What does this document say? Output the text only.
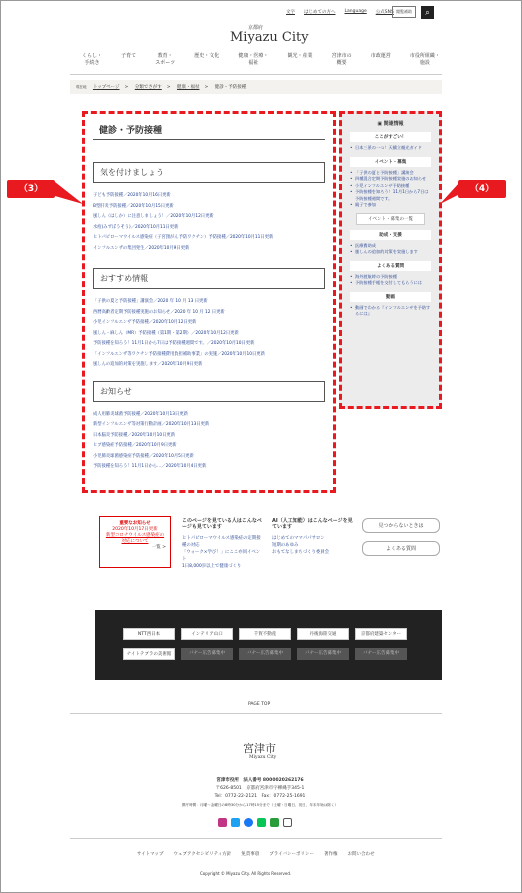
文字 はじめての方へ Language 公式SNS 閲覧補助	⌕
京都府
Miyazu City
くらし・
手続き
子育て	教育・
スポーツ
歴史・文化	健康・医療・
福祉
観光・産業	宮津市の
概要
市政運営	市役所組織・
施設
現在地 トップページ > 分類でさがす > 健康・福祉 > 健診・予防接種
健診・予防接種
気を付けましょう
子ども予防接種／2020年10月16日更新
B型肝炎予防接種／2020年10月15日更新
風しん（はしか）に注意しましょう！／2020年10月12日更新
水痘(みずぼうそう)／2020年10月11日更新
ヒトパピローマウイルス感染症（子宮頸がん予防ワクチン）予防接種／2020年10月11日更新
インフルエンザの集団発生／2020年10月9日更新
おすすめ情報
「子供の夏と予防接種」講演会／2020 年 10 月 13 日更新
西暦高齢者定期予防接種実施のお知らせ／2020 年 10 月 12 日更新
小児インフルエンザ予防接種／2020年10月12日更新
風しん・麻しん（MR）予防接種（第1期・第2期）／2020年10月12日更新
予防接種を知ろう！11月1日から7日は予防接種週間です。／2020年10月10日更新
「インフルエンザ等ワクチン予防接種費用負担補助事業」の実施／2020年10月10日更新
風しんの追加的対策を実施します／2020年10月9日更新
お知らせ
成人用肺炎球菌予防接種／2020年10月13日更新
新型インフルエンザ等対策行動計画／2020年10月13日更新
日本脳炎予防接種／2020年10月10日更新
ヒブ感染症予防接種／2020年10月9日更新
小児肺炎球菌感染症予防接種／2020年10月5日更新
予防接種を知ろう！11月1日から…／2020年10月4日更新
▣ 関連情報
ここがすごい！
• 日本三景の一つ！天橋立観光ガイド
イベント・募集
• 「子供の夏と予防接種」講演会
• 四種混合定期予防接種実施のお知らせ
• 小児インフルエンザ予防接種
• 予防接種を知ろう！11月1日から7日は予防接種週間です。
• 親子で参加
イベント・募集の一覧
助成・支援
• 医療費助成
• 風しんの追加的対策を実施します
よくある質問
• 海外渡航時の予防接種
• 予防接種手帳を交付してもらうには
動画
• 動画でわかる『インフルエンザを予防するには』
（3）	（4）
重要なお知らせ
2020年10月17日更新
新型コロナウイルス感染症の対応について
一覧 >
このページを見ている人はこんなページも見ています
ヒトパピローマウイルス感染症の定期接種の対応
「ウォーク×学び！」にここ亦同イベント
1日8,000歩以上で健康づくり
AI（人工知能）はこんなページを見ています
はじめてのママパパサロン
短期のあゆみ
おもてなしまちづくり委員会
見つからないときは
よくある質問
NTT西日本	インテリア山口	千賀不動産	丹後海陸交通	京都府建築センター
ナイトテブラの美術館	バナー広告募集中	バナー広告募集中	バナー広告募集中	バナー広告募集中
PAGE TOP
宮津市
Miyazu City
宮津市役所　法人番号 8000020262176
〒626-8501　京都府宮津市字柳縄手345-1
Tel：0772-22-2121　Fax：0772-25-1691
開庁時間：月曜～金曜日の8時30分から17時15分まで（土曜・日曜日、祝日、年末年始は除く）
サイトマップ ウェブアクセシビリティ方針 免責事項 プライバシーポリシー 著作権 お問い合わせ
Copyright © Miyazu City. All Rights Reserved.
